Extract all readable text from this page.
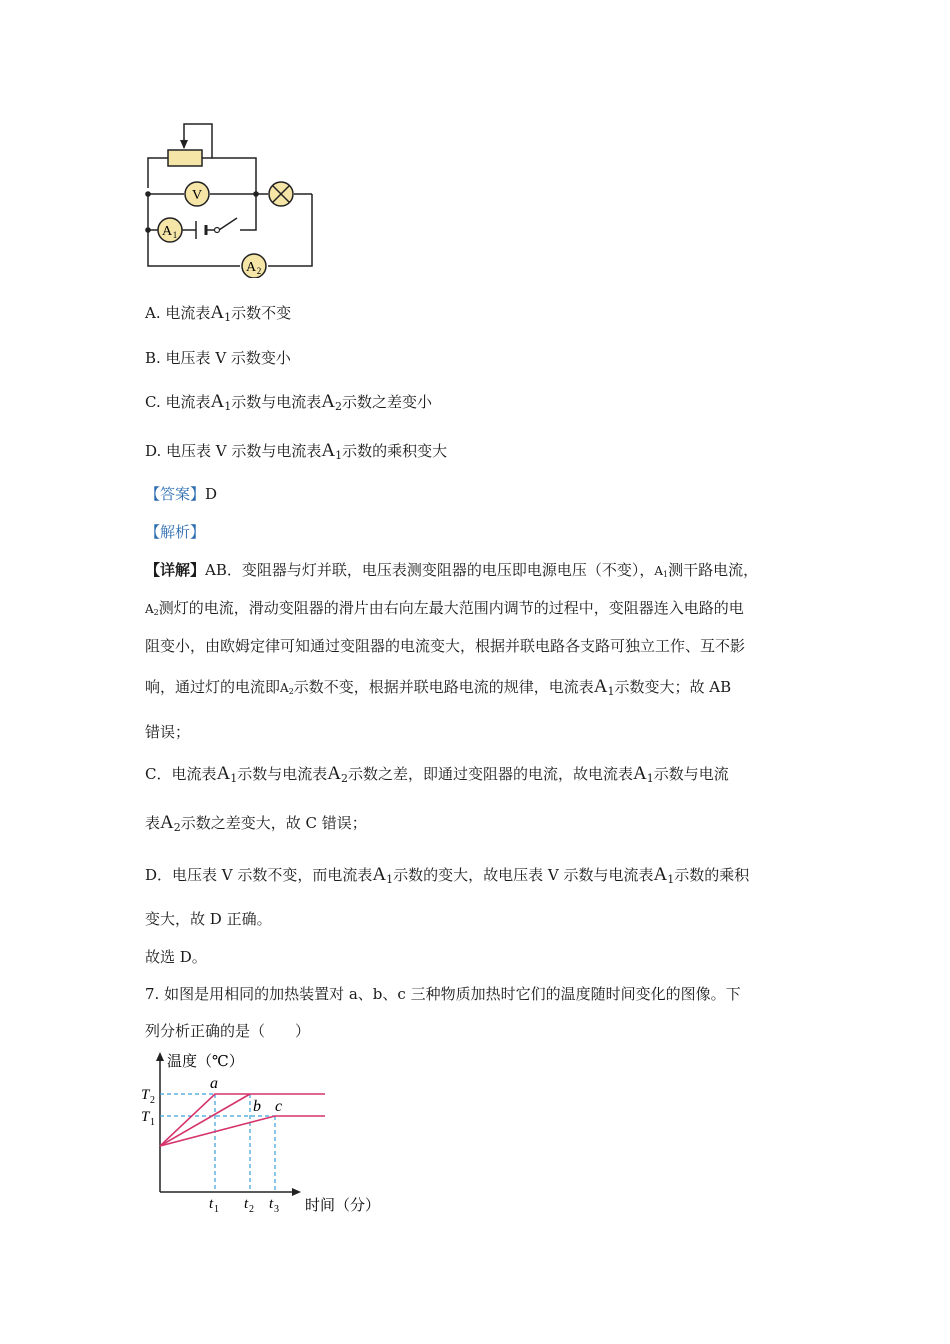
V
A 1
A 2
A. 电流表$A_1$示数不变
B. 电压表 V 示数变小
C. 电流表$A_1$示数与电流表$A_2$示数之差变小
D. 电压表 V 示数与电流表$A_1$示数的乘积变大
【答案】D
【解析】
【详解】AB．变阻器与灯并联，电压表测变阻器的电压即电源电压（不变），A1测干路电流，
A2测灯的电流，滑动变阻器的滑片由右向左最大范围内调节的过程中，变阻器连入电路的电
阻变小，由欧姆定律可知通过变阻器的电流变大，根据并联电路各支路可独立工作、互不影
响，通过灯的电流即A2示数不变，根据并联电路电流的规律，电流表$A_1$示数变大；故 AB
错误；
C．电流表$A_1$示数与电流表$A_2$示数之差，即通过变阻器的电流，故电流表$A_1$示数与电流
表$A_2$示数之差变大，故 C 错误；
D．电压表 V 示数不变，而电流表$A_1$示数的变大，故电压表 V 示数与电流表$A_1$示数的乘积
变大，故 D 正确。
故选 D。
7. 如图是用相同的加热装置对 a、b、c 三种物质加热时它们的温度随时间变化的图像。下
列分析正确的是（　　）
温度（℃）
时间（分）
T 2
T 1
a
b c
t 1 t 2 t 3
